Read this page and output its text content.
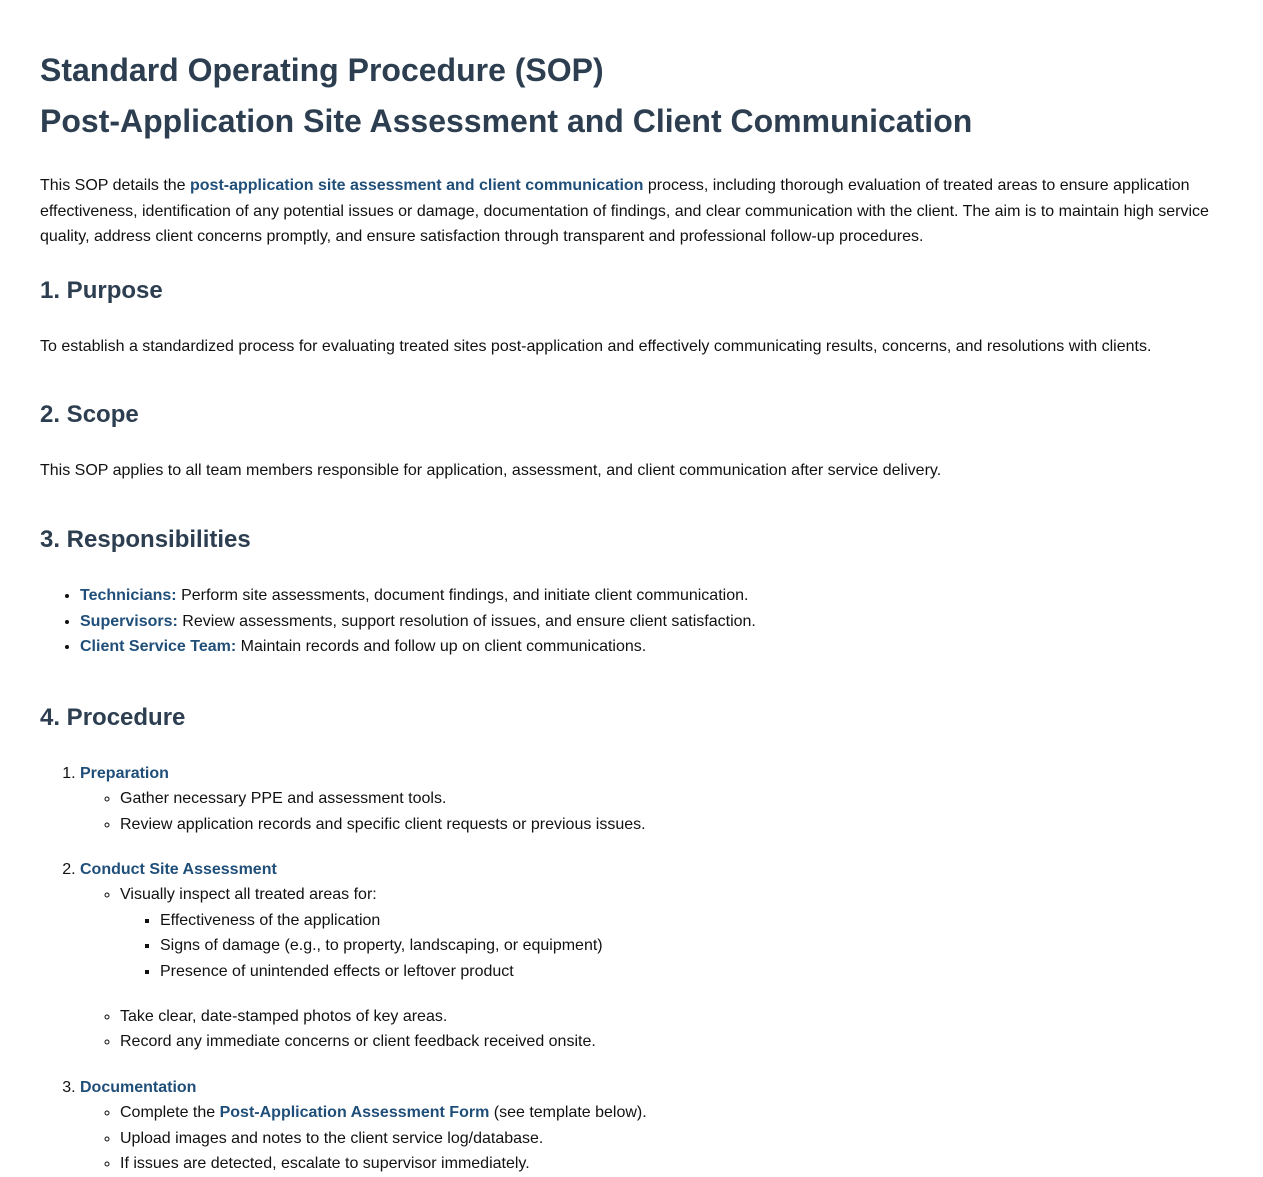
Standard Operating Procedure (SOP)
Post-Application Site Assessment and Client Communication

This SOP details the post-application site assessment and client communication process, including thorough evaluation of treated areas to ensure application effectiveness, identification of any potential issues or damage, documentation of findings, and clear communication with the client. The aim is to maintain high service quality, address client concerns promptly, and ensure satisfaction through transparent and professional follow-up procedures.

1. Purpose

To establish a standardized process for evaluating treated sites post-application and effectively communicating results, concerns, and resolutions with clients.

2. Scope

This SOP applies to all team members responsible for application, assessment, and client communication after service delivery.

3. Responsibilities
• Technicians: Perform site assessments, document findings, and initiate client communication.
• Supervisors: Review assessments, support resolution of issues, and ensure client satisfaction.
• Client Service Team: Maintain records and follow up on client communications.
4. Procedure
1. Preparation
◦ Gather necessary PPE and assessment tools.
◦ Review application records and specific client requests or previous issues.
2. Conduct Site Assessment
◦ Visually inspect all treated areas for:
▪ Effectiveness of the application
▪ Signs of damage (e.g., to property, landscaping, or equipment)
▪ Presence of unintended effects or leftover product
◦ Take clear, date-stamped photos of key areas.
◦ Record any immediate concerns or client feedback received onsite.
3. Documentation
◦ Complete the Post-Application Assessment Form (see template below).
◦ Upload images and notes to the client service log/database.
◦ If issues are detected, escalate to supervisor immediately.
